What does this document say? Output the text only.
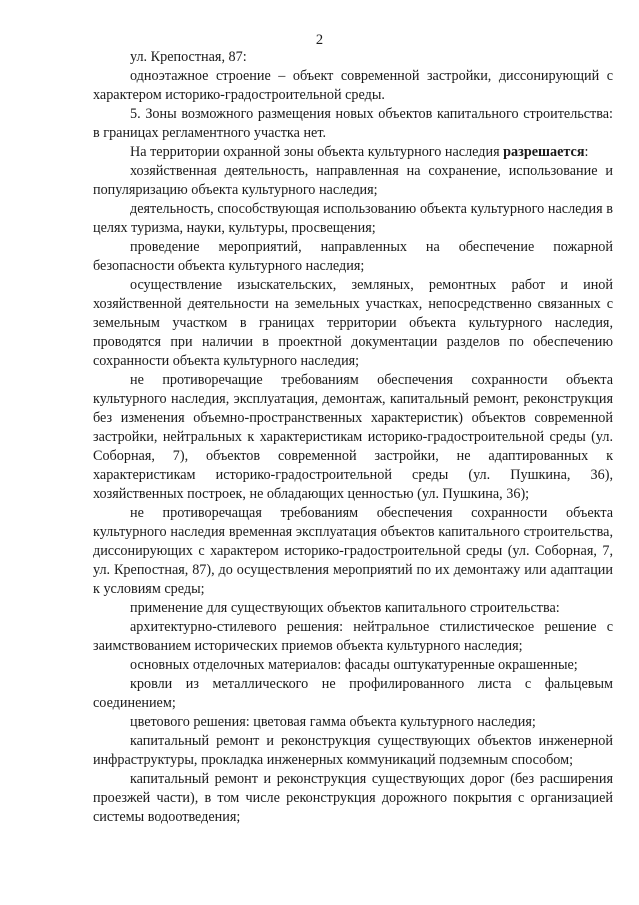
2

ул. Крепостная, 87:

одноэтажное строение – объект современной застройки, диссонирующий с характером историко-градостроительной среды.

5. Зоны возможного размещения новых объектов капитального строительства: в границах регламентного участка нет.

На территории охранной зоны объекта культурного наследия разрешается:

хозяйственная деятельность, направленная на сохранение, использование и популяризацию объекта культурного наследия;

деятельность, способствующая использованию объекта культурного наследия в целях туризма, науки, культуры, просвещения;

проведение мероприятий, направленных на обеспечение пожарной безопасности объекта культурного наследия;

осуществление изыскательских, земляных, ремонтных работ и иной хозяйственной деятельности на земельных участках, непосредственно связанных с земельным участком в границах территории объекта культурного наследия, проводятся при наличии в проектной документации разделов по обеспечению сохранности объекта культурного наследия;

не противоречащие требованиям обеспечения сохранности объекта культурного наследия, эксплуатация, демонтаж, капитальный ремонт, реконструкция без изменения объемно-пространственных характеристик) объектов современной застройки, нейтральных к характеристикам историко-градостроительной среды (ул. Соборная, 7), объектов современной застройки, не адаптированных к характеристикам историко-градостроительной среды (ул. Пушкина, 36), хозяйственных построек, не обладающих ценностью (ул. Пушкина, 36);

не противоречащая требованиям обеспечения сохранности объекта культурного наследия временная эксплуатация объектов капитального строительства, диссонирующих с характером историко-градостроительной среды (ул. Соборная, 7, ул. Крепостная, 87), до осуществления мероприятий по их демонтажу или адаптации к условиям среды;

применение для существующих объектов капитального строительства:

архитектурно-стилевого решения: нейтральное стилистическое решение с заимствованием исторических приемов объекта культурного наследия;

основных отделочных материалов: фасады оштукатуренные окрашенные;

кровли из металлического не профилированного листа с фальцевым соединением;

цветового решения: цветовая гамма объекта культурного наследия;

капитальный ремонт и реконструкция существующих объектов инженерной инфраструктуры, прокладка инженерных коммуникаций подземным способом;

капитальный ремонт и реконструкция существующих дорог (без расширения проезжей части), в том числе реконструкция дорожного покрытия с организацией системы водоотведения;
